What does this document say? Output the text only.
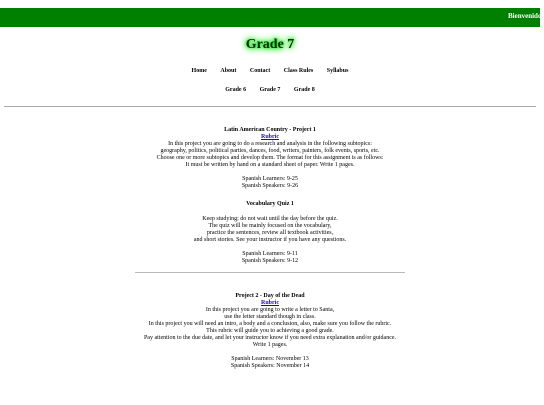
Bienvenidos
Grade 7
Home About Contact Class Rules Syllabus
Grade 6 Grade 7 Grade 8
Latin American Country - Project 1
Rubric

In this project you are going to do a research and analysis in the following subtopics:

geography, politics, political parties, dances, food, writers, painters, folk events, sports, etc.

Choose one or more subtopics and develop them. The format for this assignment is as follows:

It must be written by hand on a standard sheet of paper. Write 1 pages.

Spanish Learners: 9-25

Spanish Speakers: 9-26

Vocabulary Quiz 1

Keep studying; do not wait until the day before the quiz.

The quiz will be mainly focused on the vocabulary,

practice the sentences, review all textbook activities,

and short stories. See your instructor if you have any questions.

Spanish Learners: 9-11

Spanish Speakers: 9-12

Project 2 - Day of the Dead
Rubric

In this project you are going to write a letter to Santa,

use the letter standard though in class.

In this project you will need an intro, a body and a conclusion, also, make sure you follow the rubric.

This rubric will guide you to achieving a good grade.

Pay attention to the due date, and let your instructor know if you need extra explanation and/or guidance.

Write 1 pages.

Spanish Learners: November 13

Spanish Speakers: November 14
